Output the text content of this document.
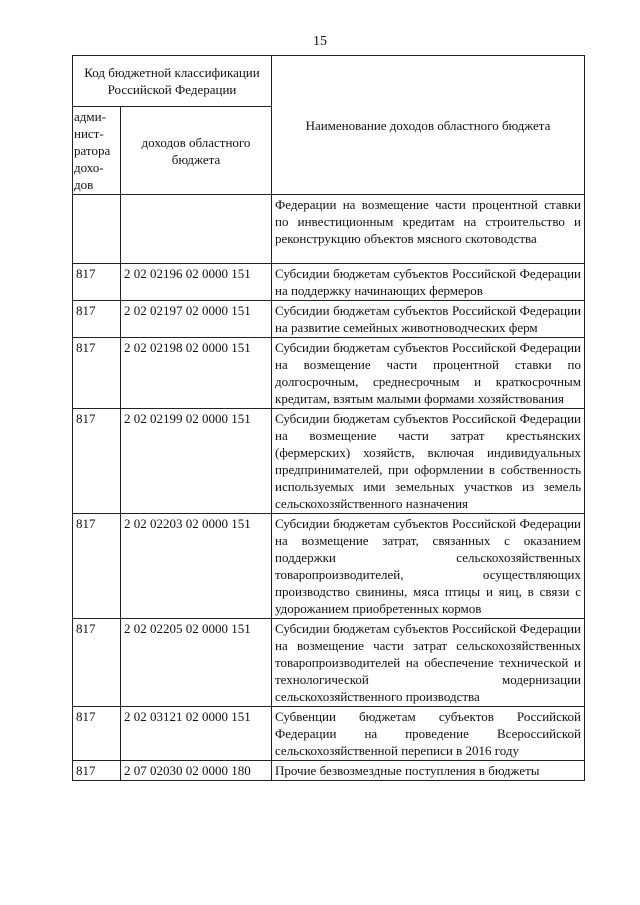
15
Код бюджетной классификации Российской Федерации		Наименование доходов областного бюджета
адми-нист-ратора дохо-дов	доходов областного бюджета	
		Федерации на возмещение части процентной ставки по инвестиционным кредитам на строительство и реконструкцию объектов мясного скотоводства
817	2 02 02196 02 0000 151	Субсидии бюджетам субъектов Российской Федерации на поддержку начинающих фермеров
817	2 02 02197 02 0000 151	Субсидии бюджетам субъектов Российской Федерации на развитие семейных животноводческих ферм
817	2 02 02198 02 0000 151	Субсидии бюджетам субъектов Российской Федерации на возмещение части процентной ставки по долгосрочным, среднесрочным и краткосрочным кредитам, взятым малыми формами хозяйствования
817	2 02 02199 02 0000 151	Субсидии бюджетам субъектов Российской Федерации на возмещение части затрат крестьянских (фермерских) хозяйств, включая индивидуальных предпринимателей, при оформлении в собственность используемых ими земельных участков из земель сельскохозяйственного назначения
817	2 02 02203 02 0000 151	Субсидии бюджетам субъектов Российской Федерации на возмещение затрат, связанных с оказанием поддержки сельскохозяйственных товаропроизводителей, осуществляющих производство свинины, мяса птицы и яиц, в связи с удорожанием приобретенных кормов
817	2 02 02205 02 0000 151	Субсидии бюджетам субъектов Российской Федерации на возмещение части затрат сельскохозяйственных товаропроизводителей на обеспечение технической и технологической модернизации сельскохозяйственного производства
817	2 02 03121 02 0000 151	Субвенции бюджетам субъектов Российской Федерации на проведение Всероссийской сельскохозяйственной переписи в 2016 году
817	2 07 02030 02 0000 180	Прочие безвозмездные поступления в бюджеты
